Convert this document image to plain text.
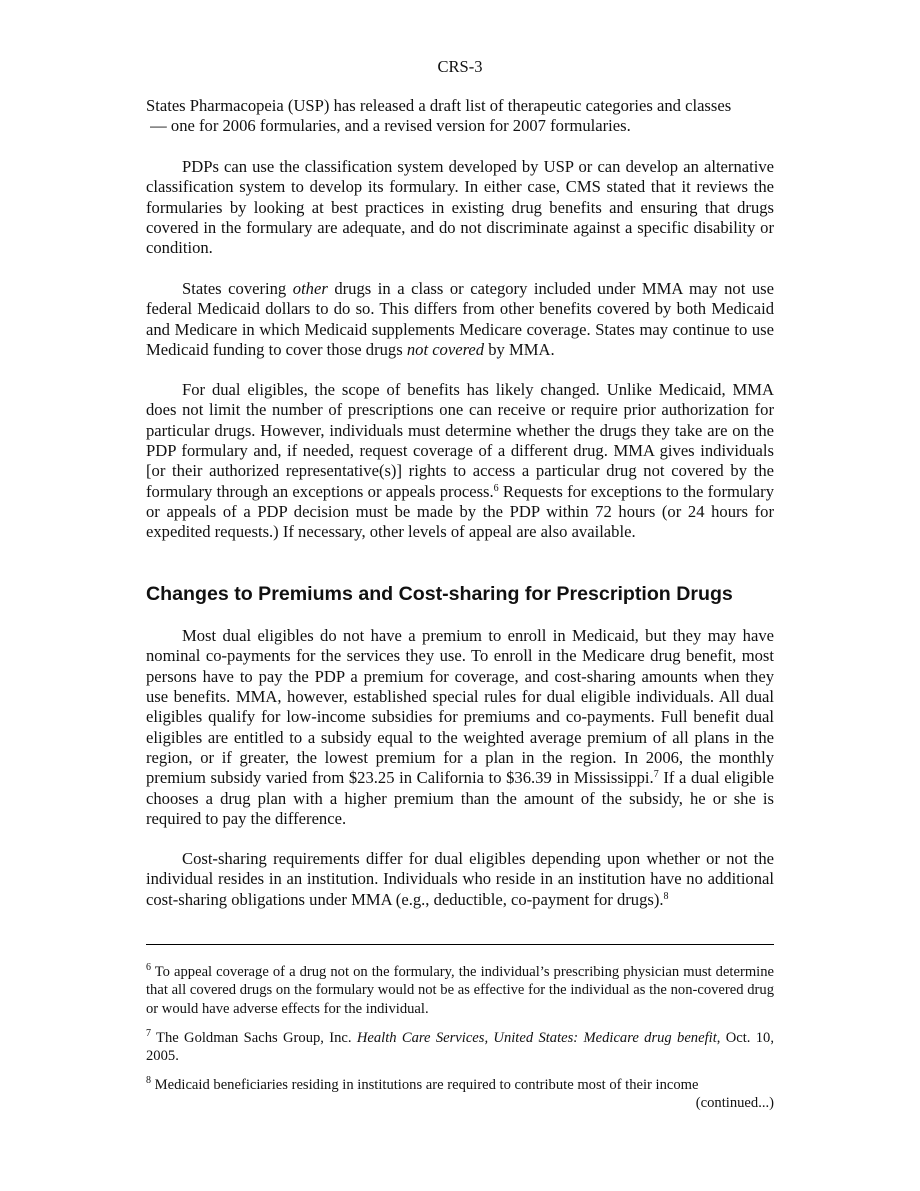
CRS-3

States Pharmacopeia (USP) has released a draft list of therapeutic categories and classes

— one for 2006 formularies, and a revised version for 2007 formularies.

PDPs can use the classification system developed by USP or can develop an alternative classification system to develop its formulary. In either case, CMS stated that it reviews the formularies by looking at best practices in existing drug benefits and ensuring that drugs covered in the formulary are adequate, and do not discriminate against a specific disability or condition.

States covering other drugs in a class or category included under MMA may not use federal Medicaid dollars to do so. This differs from other benefits covered by both Medicaid and Medicare in which Medicaid supplements Medicare coverage. States may continue to use Medicaid funding to cover those drugs not covered by MMA.

For dual eligibles, the scope of benefits has likely changed. Unlike Medicaid, MMA does not limit the number of prescriptions one can receive or require prior authorization for particular drugs. However, individuals must determine whether the drugs they take are on the PDP formulary and, if needed, request coverage of a different drug. MMA gives individuals [or their authorized representative(s)] rights to access a particular drug not covered by the formulary through an exceptions or appeals process.$^6$ Requests for exceptions to the formulary or appeals of a PDP decision must be made by the PDP within 72 hours (or 24 hours for expedited requests.) If necessary, other levels of appeal are also available.

Changes to Premiums and Cost-sharing for Prescription Drugs

Most dual eligibles do not have a premium to enroll in Medicaid, but they may have nominal co-payments for the services they use. To enroll in the Medicare drug benefit, most persons have to pay the PDP a premium for coverage, and cost-sharing amounts when they use benefits. MMA, however, established special rules for dual eligible individuals. All dual eligibles qualify for low-income subsidies for premiums and co-payments. Full benefit dual eligibles are entitled to a subsidy equal to the weighted average premium of all plans in the region, or if greater, the lowest premium for a plan in the region. In 2006, the monthly premium subsidy varied from $23.25 in California to $36.39 in Mississippi.$^7$ If a dual eligible chooses a drug plan with a higher premium than the amount of the subsidy, he or she is required to pay the difference.

Cost-sharing requirements differ for dual eligibles depending upon whether or not the individual resides in an institution. Individuals who reside in an institution have no additional cost-sharing obligations under MMA (e.g., deductible, co-payment for drugs).$^8$

$^6$ To appeal coverage of a drug not on the formulary, the individual’s prescribing physician must determine that all covered drugs on the formulary would not be as effective for the individual as the non-covered drug or would have adverse effects for the individual.

$^7$ The Goldman Sachs Group, Inc. Health Care Services, United States: Medicare drug benefit, Oct. 10, 2005.

$^8$ Medicaid beneficiaries residing in institutions are required to contribute most of their income

(continued...)
